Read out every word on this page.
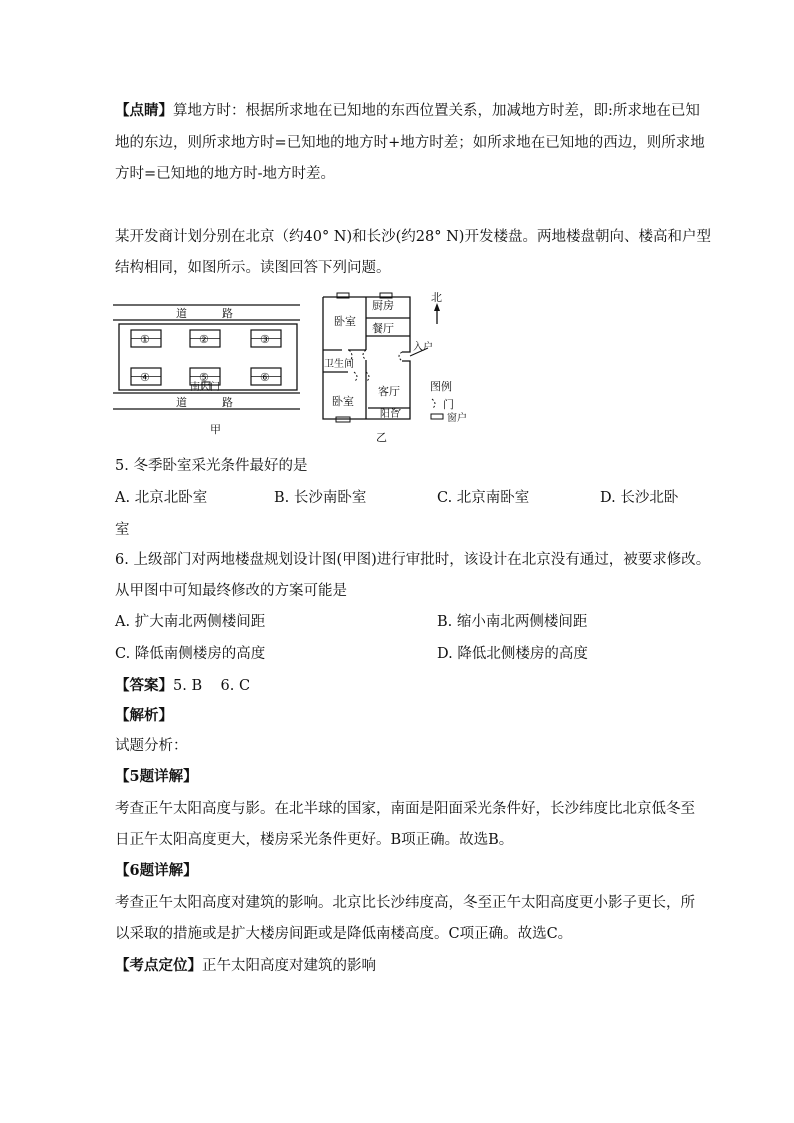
【点睛】算地方时：根据所求地在已知地的东西位置关系，加减地方时差，即:所求地在已知
地的东边，则所求地方时=已知地的地方时+地方时差；如所求地在已知地的西边，则所求地
方时=已知地的地方时-地方时差。
某开发商计划分别在北京（约40° N)和长沙(约28° N)开发楼盘。两地楼盘朝向、楼高和户型
结构相同，如图所示。读图回答下列问题。
道	路
道	路
①	②	③
④	⑤	⑥
南大门
甲
厨房
卧室
餐厅
入户
卫生间
客厅
卧室
阳台
乙
北
图例
门
窗户
5. 冬季卧室采光条件最好的是
A. 北京北卧室	B. 长沙南卧室	C. 北京南卧室	D. 长沙北卧
室
6. 上级部门对两地楼盘规划设计图(甲图)进行审批时，该设计在北京没有通过，被要求修改。
从甲图中可知最终修改的方案可能是
A. 扩大南北两侧楼间距	B. 缩小南北两侧楼间距
C. 降低南侧楼房的高度	D. 降低北侧楼房的高度
【答案】5. B    6. C
【解析】
试题分析：
【5题详解】
考查正午太阳高度与影。在北半球的国家，南面是阳面采光条件好，长沙纬度比北京低冬至
日正午太阳高度更大，楼房采光条件更好。B项正确。故选B。
【6题详解】
考查正午太阳高度对建筑的影响。北京比长沙纬度高，冬至正午太阳高度更小影子更长，所
以采取的措施或是扩大楼房间距或是降低南楼高度。C项正确。故选C。
【考点定位】正午太阳高度对建筑的影响
